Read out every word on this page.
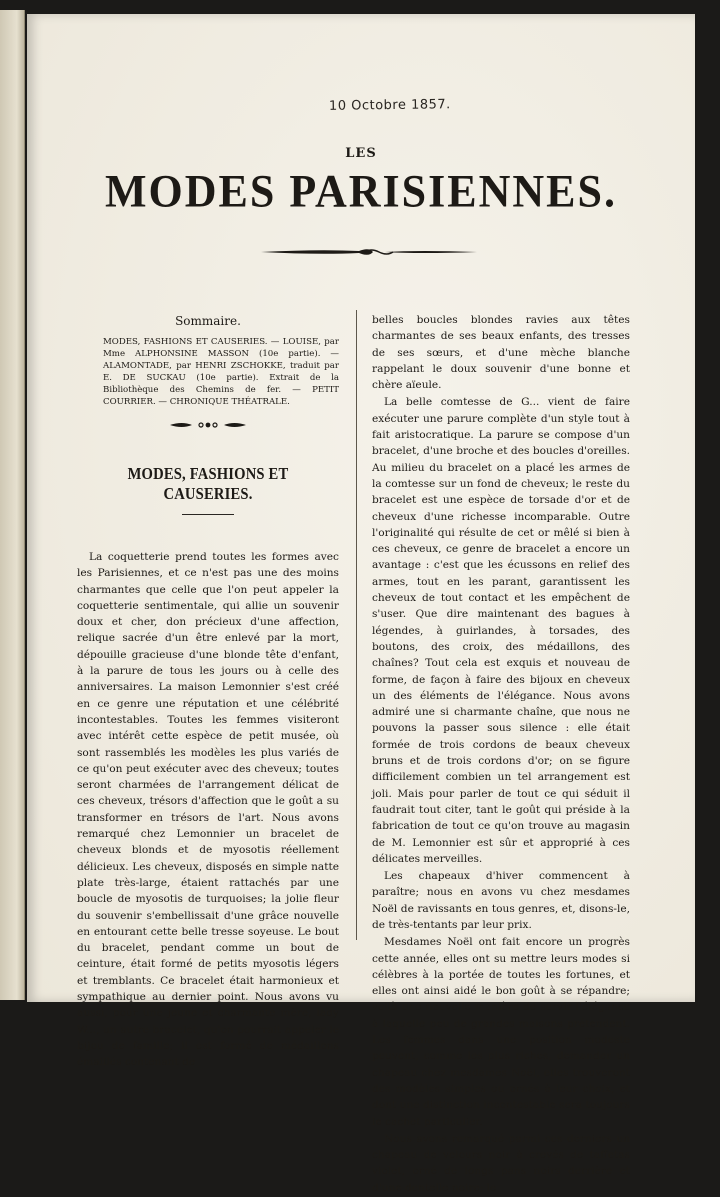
10 Octobre 1857.
LES
MODES PARISIENNES.
Sommaire.

MODES, FASHIONS ET CAUSERIES. — LOUISE, par Mme ALPHONSINE MASSON (10e partie). — ALAMONTADE, par HENRI ZSCHOKKE, traduit par E. DE SUCKAU (10e partie). Extrait de la Bibliothèque des Chemins de fer. — PETIT COURRIER. — CHRONIQUE THÉATRALE.

MODES, FASHIONS ET CAUSERIES.

La coquetterie prend toutes les formes avec les Parisiennes, et ce n'est pas une des moins charmantes que celle que l'on peut appeler la coquetterie sentimentale, qui allie un souvenir doux et cher, don précieux d'une affection, relique sacrée d'un être enlevé par la mort, dépouille gracieuse d'une blonde tête d'enfant, à la parure de tous les jours ou à celle des anniversaires. La maison Lemonnier s'est créé en ce genre une réputation et une célébrité incontestables. Toutes les femmes visiteront avec intérêt cette espèce de petit musée, où sont rassemblés les modèles les plus variés de ce qu'on peut exécuter avec des cheveux; toutes seront charmées de l'arrangement délicat de ces cheveux, trésors d'affection que le goût a su transformer en trésors de l'art. Nous avons remarqué chez Lemonnier un bracelet de cheveux blonds et de myosotis réellement délicieux. Les cheveux, disposés en simple natte plate très-large, étaient rattachés par une boucle de myosotis de turquoises; la jolie fleur du souvenir s'embellissait d'une grâce nouvelle en entourant cette belle tresse soyeuse. Le bout du bracelet, pendant comme un bout de ceinture, était formé de petits myosotis légers et tremblants. Ce bracelet était harmonieux et sympathique au dernier point. Nous avons vu aussi, pour une jeune et charmante mère, lady W..., un autre bracelet, qu'on pourrait appeler le bijou de famille; il est formé de médaillons émaillés contenant de

belles boucles blondes ravies aux têtes charmantes de ses beaux enfants, des tresses de ses sœurs, et d'une mèche blanche rappelant le doux souvenir d'une bonne et chère aïeule.

La belle comtesse de G... vient de faire exécuter une parure complète d'un style tout à fait aristocratique. La parure se compose d'un bracelet, d'une broche et des boucles d'oreilles. Au milieu du bracelet on a placé les armes de la comtesse sur un fond de cheveux; le reste du bracelet est une espèce de torsade d'or et de cheveux d'une richesse incomparable. Outre l'originalité qui résulte de cet or mêlé si bien à ces cheveux, ce genre de bracelet a encore un avantage : c'est que les écussons en relief des armes, tout en les parant, garantissent les cheveux de tout contact et les empêchent de s'user. Que dire maintenant des bagues à légendes, à guirlandes, à torsades, des boutons, des croix, des médaillons, des chaînes? Tout cela est exquis et nouveau de forme, de façon à faire des bijoux en cheveux un des éléments de l'élégance. Nous avons admiré une si charmante chaîne, que nous ne pouvons la passer sous silence : elle était formée de trois cordons de beaux cheveux bruns et de trois cordons d'or; on se figure difficilement combien un tel arrangement est joli. Mais pour parler de tout ce qui séduit il faudrait tout citer, tant le goût qui préside à la fabrication de tout ce qu'on trouve au magasin de M. Lemonnier est sûr et approprié à ces délicates merveilles.

Les chapeaux d'hiver commencent à paraître; nous en avons vu chez mesdames Noël de ravissants en tous genres, et, disons-le, de très-tentants par leur prix.

Mesdames Noël ont fait encore un progrès cette année, elles ont su mettre leurs modes si célèbres à la portée de toutes les fortunes, et elles ont ainsi aidé le bon goût à se répandre; voilà une nouvelle manière de servir l'élégance à laquelle peu de grandes maisons prétendent. Les femmes dans une position modeste peuvent, comme les plus riches, demander un chapeau chez mesdames Noël, elles trouveront des modèles simples ou ornés à leur choix, et dont une distinction incontestable sera toujours le cachet particulier.

Nous avons remarqué parmi ces derniers un chapeau de velours noir à crevés de taffetas violet, orné de longs pans noirs derrière et d'une dentelle noire; le
